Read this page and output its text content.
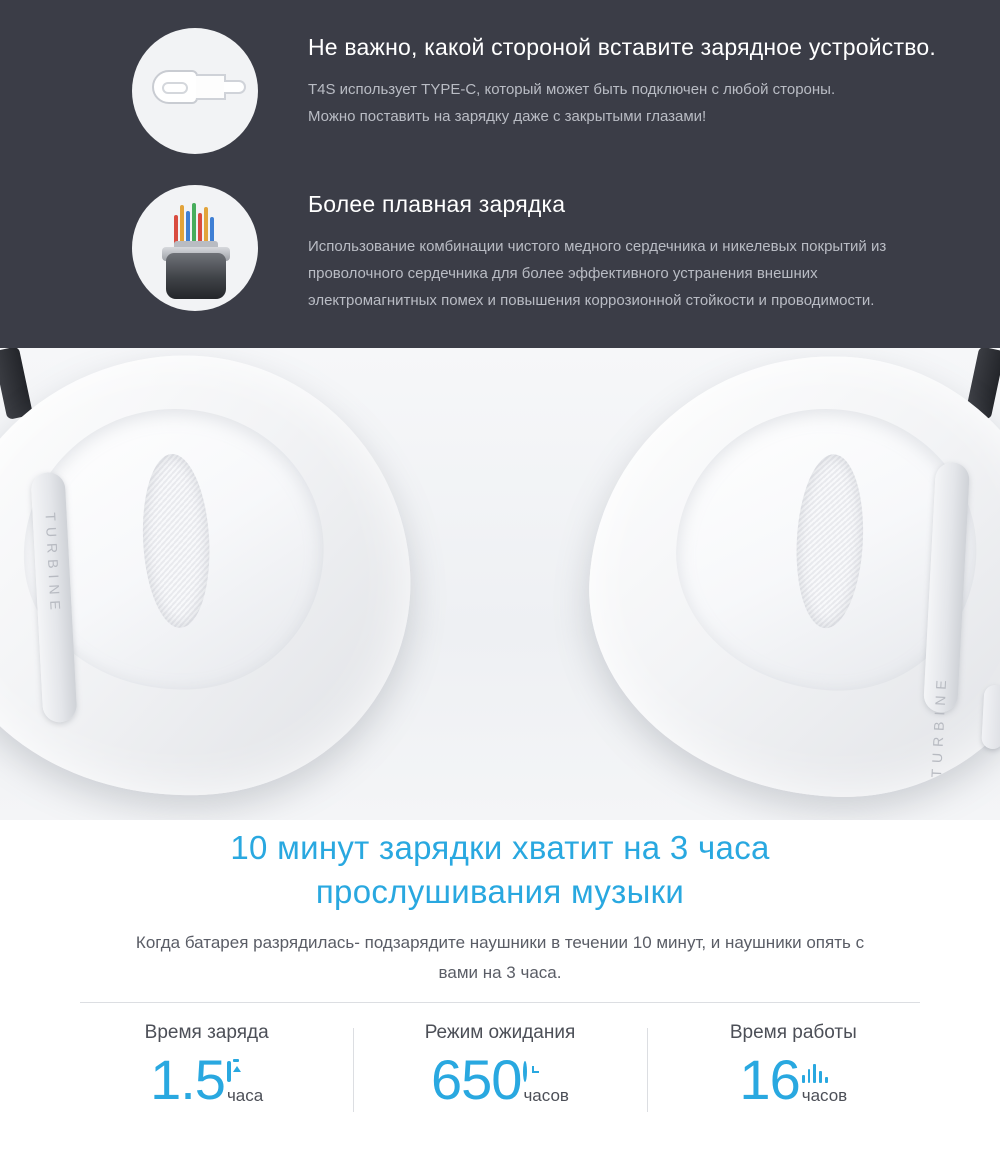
Не важно, какой стороной вставите зарядное устройство.

T4S использует TYPE-C, который может быть подключен с любой стороны. Можно поставить на зарядку даже с закрытыми глазами!

Более плавная зарядка

Использование комбинации чистого медного сердечника и никелевых покрытий из проволочного сердечника для более эффективного устранения внешних электромагнитных помех и повышения коррозионной стойкости и проводимости.

TURBINE
TURBINE
10 минут зарядки хватит на 3 часа прослушивания музыки

Когда батарея разрядилась- подзарядите наушники в течении 10 минут, и наушники опять с вами на 3 часа.

Время заряда
1.5 часа
Режим ожидания
650 часов
Время работы
16 часов
